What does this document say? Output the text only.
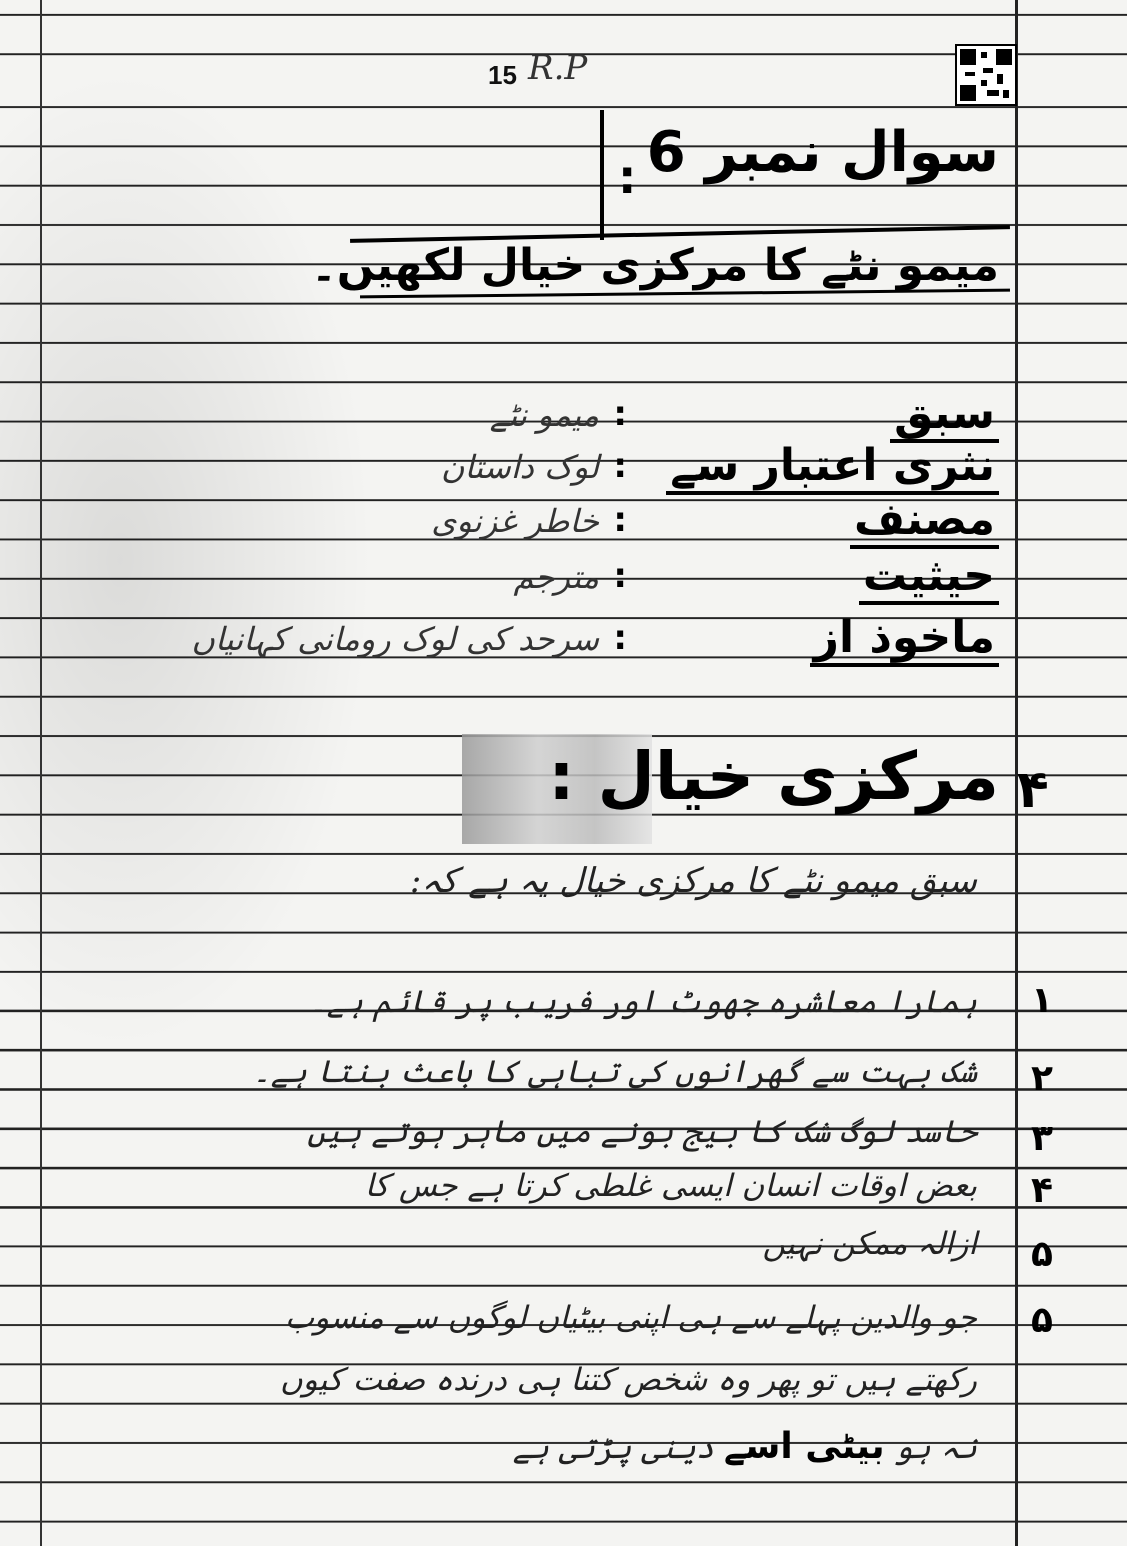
15 R.P
سوال نمبر 6
:
میمو نٹے کا مرکزی خیال لکھیں۔
سبق
:
میمو نٹے
نثری اعتبار سے
:
لوک داستان
مصنف
:
خاطر غزنوی
حیثیت
:
مترجم
ماخوذ از
:
سرحد کی لوک رومانی کہانیاں
۴
مرکزی خیال :

سبق میمو نٹے کا مرکزی خیال یہ ہے کہ:
۱
ہمارا معاشرہ جھوٹ اور فریب پر قائم ہے۔
۲
شک بہت سے گھرانوں کی تباہی کا باعث بنتا ہے۔
۳
حاسد لوگ شک کا بیج بونے میں ماہر ہوتے ہیں
۴
بعض اوقات انسان ایسی غلطی کرتا ہے جس کا
۵
ازالہ ممکن نہیں
۵
جو والدین پہلے سے ہی اپنی بیٹیاں لوگوں سے منسوب
رکھتے ہیں تو پھر وہ شخص کتنا ہی درندہ صفت کیوں
نہ ہو بیٹی اسے دینی پڑتی ہے
